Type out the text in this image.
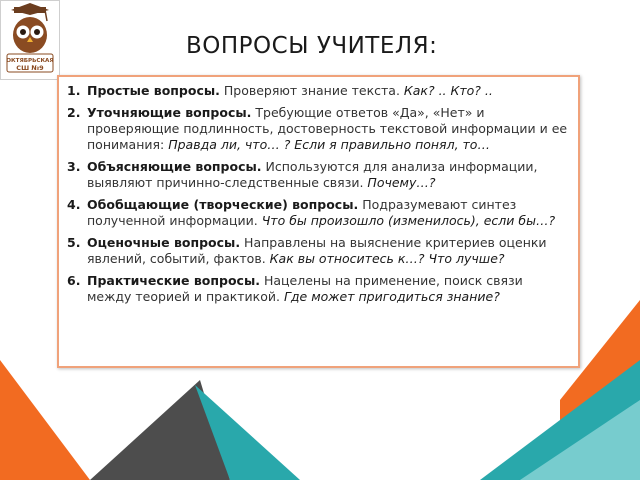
ОКТЯБРЬСКАЯ
СШ №9
ВОПРОСЫ УЧИТЕЛЯ:
1. Простые вопросы. Проверяют знание текста. Как? .. Кто? ..
2. Уточняющие вопросы. Требующие ответов «Да», «Нет» и проверяющие подлинность, достоверность текстовой информации и ее понимания: Правда ли, что… ? Если я правильно понял, то…
3. Объясняющие вопросы. Используются для анализа информации, выявляют причинно-следственные связи. Почему…?
4. Обобщающие (творческие) вопросы. Подразумевают синтез полученной информации. Что бы произошло (изменилось), если бы…?
5. Оценочные вопросы. Направлены на выяснение критериев оценки явлений, событий, фактов. Как вы относитесь к…? Что лучше?
6. Практические вопросы. Нацелены на применение, поиск связи между теорией и практикой. Где может пригодиться знание?
